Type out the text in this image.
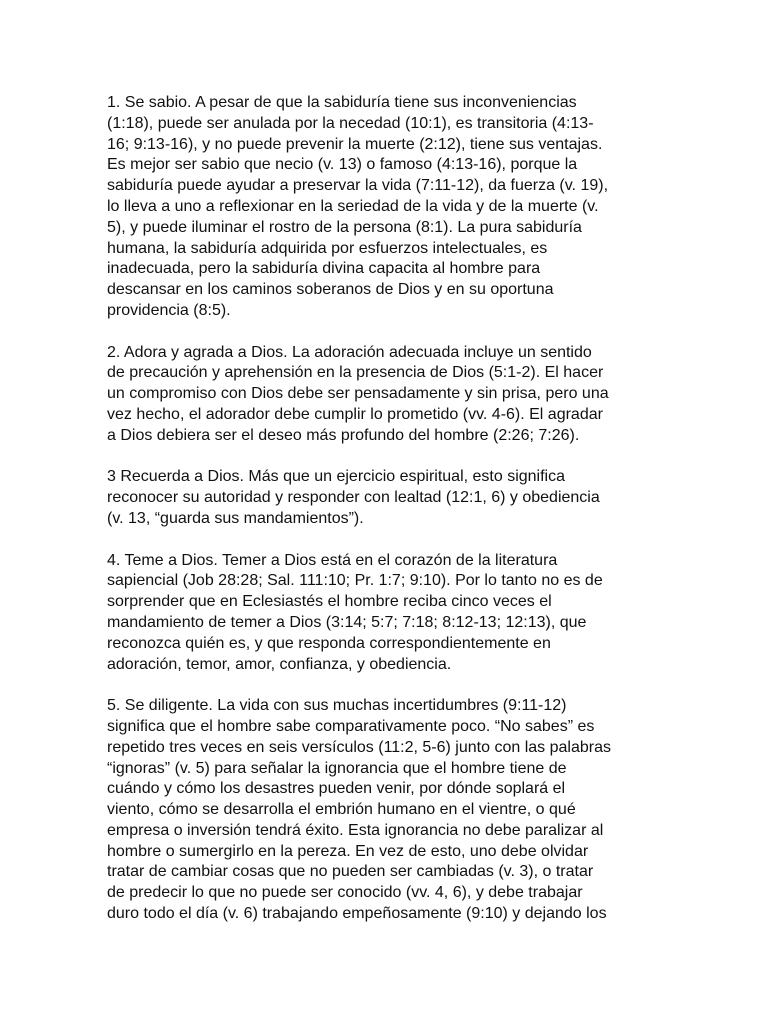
1. Se sabio. A pesar de que la sabiduría tiene sus inconveniencias
(1:18), puede ser anulada por la necedad (10:1), es transitoria (4:13-
16; 9:13-16), y no puede prevenir la muerte (2:12), tiene sus ventajas.
Es mejor ser sabio que necio (v. 13) o famoso (4:13-16), porque la
sabiduría puede ayudar a preservar la vida (7:11-12), da fuerza (v. 19),
lo lleva a uno a reflexionar en la seriedad de la vida y de la muerte (v.
5), y puede iluminar el rostro de la persona (8:1). La pura sabiduría
humana, la sabiduría adquirida por esfuerzos intelectuales, es
inadecuada, pero la sabiduría divina capacita al hombre para
descansar en los caminos soberanos de Dios y en su oportuna
providencia (8:5).

2. Adora y agrada a Dios. La adoración adecuada incluye un sentido
de precaución y aprehensión en la presencia de Dios (5:1-2). El hacer
un compromiso con Dios debe ser pensadamente y sin prisa, pero una
vez hecho, el adorador debe cumplir lo prometido (vv. 4-6). El agradar
a Dios debiera ser el deseo más profundo del hombre (2:26; 7:26).

3 Recuerda a Dios. Más que un ejercicio espiritual, esto significa
reconocer su autoridad y responder con lealtad (12:1, 6) y obediencia
(v. 13, “guarda sus mandamientos”).

4. Teme a Dios. Temer a Dios está en el corazón de la literatura
sapiencial (Job 28:28; Sal. 111:10; Pr. 1:7; 9:10). Por lo tanto no es de
sorprender que en Eclesiastés el hombre reciba cinco veces el
mandamiento de temer a Dios (3:14; 5:7; 7:18; 8:12-13; 12:13), que
reconozca quién es, y que responda correspondientemente en
adoración, temor, amor, confianza, y obediencia.

5. Se diligente. La vida con sus muchas incertidumbres (9:11-12)
significa que el hombre sabe comparativamente poco. “No sabes” es
repetido tres veces en seis versículos (11:2, 5-6) junto con las palabras
“ignoras” (v. 5) para señalar la ignorancia que el hombre tiene de
cuándo y cómo los desastres pueden venir, por dónde soplará el
viento, cómo se desarrolla el embrión humano en el vientre, o qué
empresa o inversión tendrá éxito. Esta ignorancia no debe paralizar al
hombre o sumergirlo en la pereza. En vez de esto, uno debe olvidar
tratar de cambiar cosas que no pueden ser cambiadas (v. 3), o tratar
de predecir lo que no puede ser conocido (vv. 4, 6), y debe trabajar
duro todo el día (v. 6) trabajando empeñosamente (9:10) y dejando los
